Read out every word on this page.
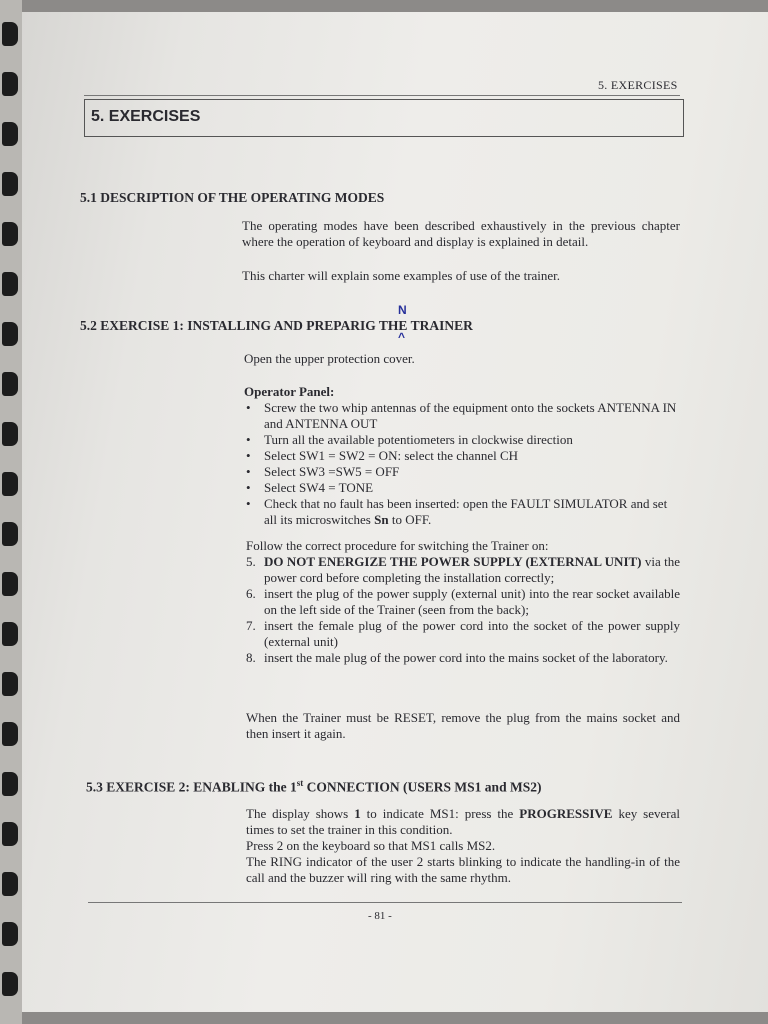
5. EXERCISES
5. EXERCISES
5.1 DESCRIPTION OF THE OPERATING MODES
The operating modes have been described exhaustively in the previous chapter where the operation of keyboard and display is explained in detail.
This charter will explain some examples of use of the trainer.
5.2 EXERCISE 1: INSTALLING AND PREPARIG THE TRAINER
N
^
Open the upper protection cover.
Operator Panel:
• Screw the two whip antennas of the equipment onto the sockets ANTENNA IN and ANTENNA OUT
• Turn all the available potentiometers in clockwise direction
• Select SW1 = SW2 = ON: select the channel CH
• Select SW3 =SW5 = OFF
• Select SW4 = TONE
• Check that no fault has been inserted: open the FAULT SIMULATOR and set all its microswitches Sn to OFF.
Follow the correct procedure for switching the Trainer on:
5. DO NOT ENERGIZE THE POWER SUPPLY (EXTERNAL UNIT) via the power cord before completing the installation correctly;
6. insert the plug of the power supply (external unit) into the rear socket available on the left side of the Trainer (seen from the back);
7. insert the female plug of the power cord into the socket of the power supply (external unit)
8. insert the male plug of the power cord into the mains socket of the laboratory.
When the Trainer must be RESET, remove the plug from the mains socket and then insert it again.
5.3 EXERCISE 2: ENABLING the 1st CONNECTION (USERS MS1 and MS2)
The display shows 1 to indicate MS1: press the PROGRESSIVE key several times to set the trainer in this condition.
Press 2 on the keyboard so that MS1 calls MS2.
The RING indicator of the user 2 starts blinking to indicate the handling-in of the call and the buzzer will ring with the same rhythm.
- 81 -
